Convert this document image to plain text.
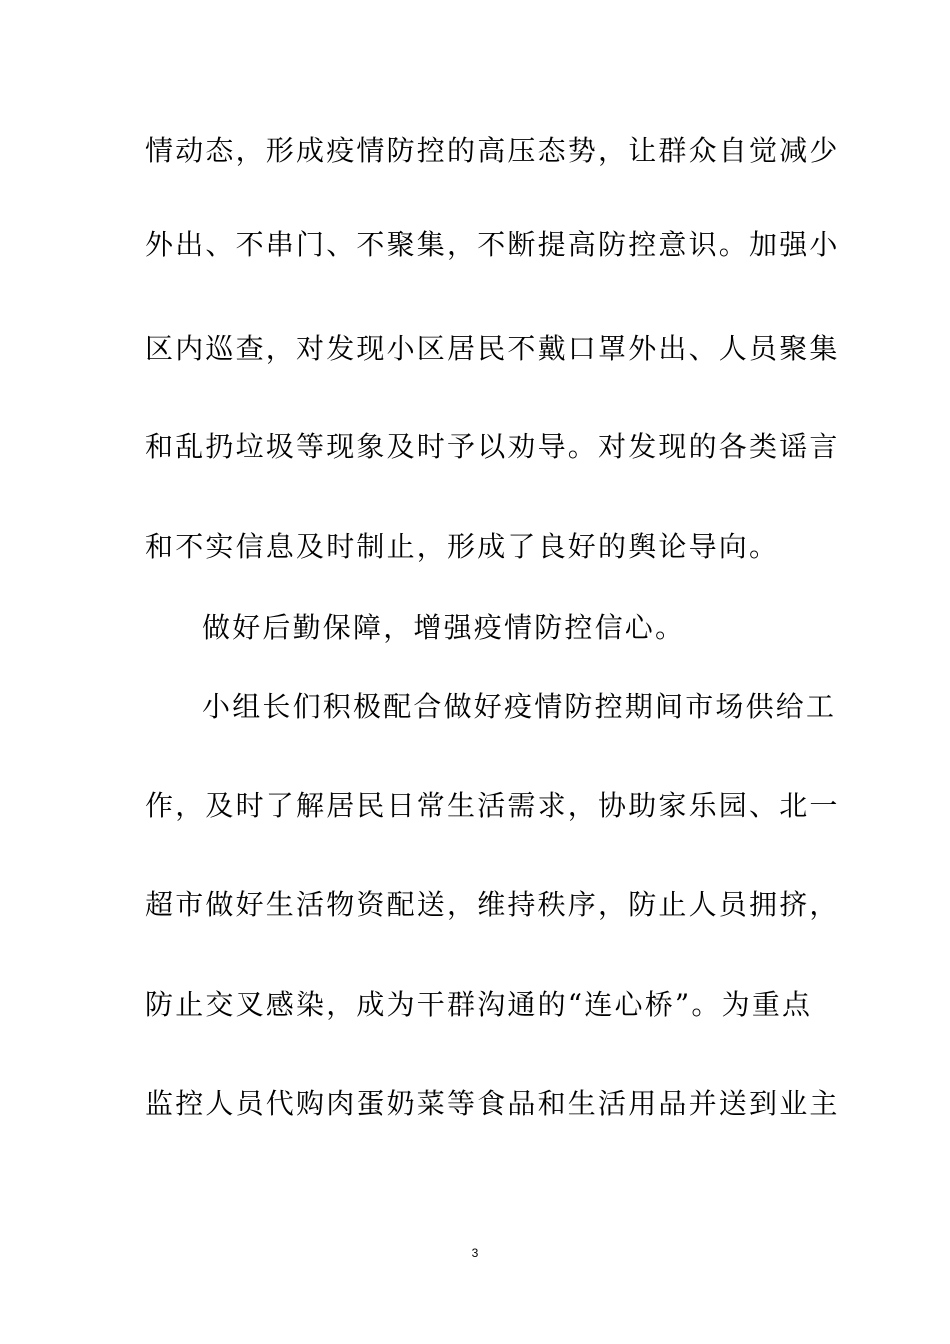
情动态，形成疫情防控的高压态势，让群众自觉减少
外出、不串门、不聚集，不断提高防控意识。加强小
区内巡查，对发现小区居民不戴口罩外出、人员聚集
和乱扔垃圾等现象及时予以劝导。对发现的各类谣言
和不实信息及时制止，形成了良好的舆论导向。
做好后勤保障，增强疫情防控信心。
小组长们积极配合做好疫情防控期间市场供给工
作，及时了解居民日常生活需求，协助家乐园、北一
超市做好生活物资配送，维持秩序，防止人员拥挤，
防止交叉感染，成为干群沟通的“连心桥”。为重点
监控人员代购肉蛋奶菜等食品和生活用品并送到业主
3
